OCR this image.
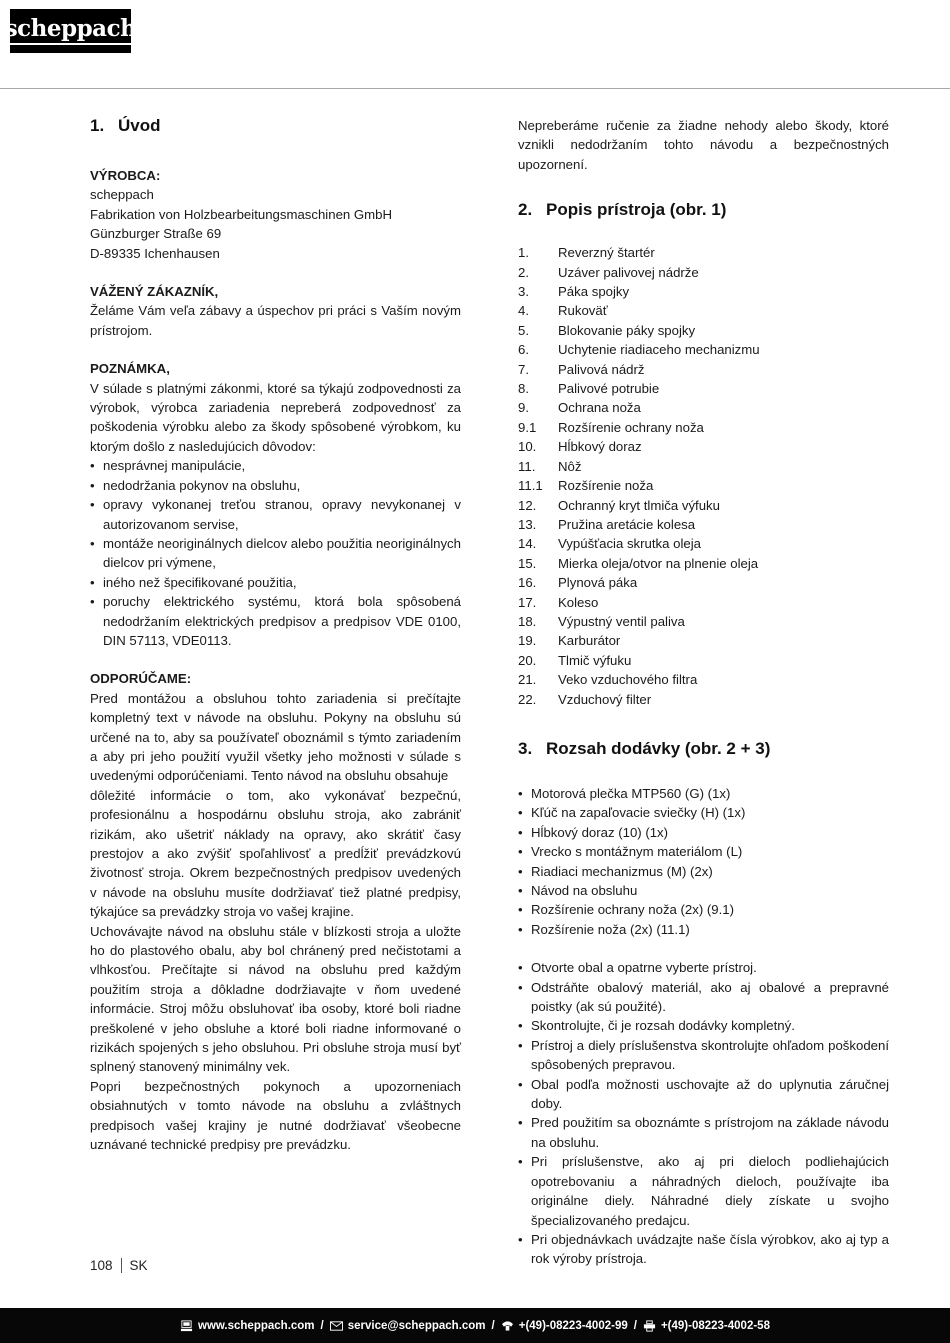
scheppach
1. Úvod

VÝROBCA:

scheppach

Fabrikation von Holzbearbeitungsmaschinen GmbH

Günzburger Straße 69

D-89335 Ichenhausen

VÁŽENÝ ZÁKAZNÍK,

Želáme Vám veľa zábavy a úspechov pri práci s Vaším novým prístrojom.

POZNÁMKA,

V súlade s platnými zákonmi, ktoré sa týkajú zodpovednosti za výrobok, výrobca zariadenia nepreberá zodpovednosť za poškodenia výrobku alebo za škody spôsobené výrobkom, ku ktorým došlo z nasledujúcich dôvodov:

•
nesprávnej manipulácie,
•
nedodržania pokynov na obsluhu,
•
opravy vykonanej treťou stranou, opravy nevykonanej v autorizovanom servise,
•
montáže neoriginálnych dielcov alebo použitia neoriginálnych dielcov pri výmene,
•
iného než špecifikované použitia,
•
poruchy elektrického systému, ktorá bola spôsobená nedodržaním elektrických predpisov a predpisov VDE 0100, DIN 57113, VDE0113.

ODPORÚČAME:

Pred montážou a obsluhou tohto zariadenia si prečítajte kompletný text v návode na obsluhu. Pokyny na obsluhu sú určené na to, aby sa používateľ oboznámil s týmto zariadením a aby pri jeho použití využil všetky jeho možnosti v súlade s uvedenými odporúčeniami. Tento návod na obsluhu obsahuje

dôležité informácie o tom, ako vykonávať bezpečnú, profesionálnu a hospodárnu obsluhu stroja, ako zabrániť rizikám, ako ušetriť náklady na opravy, ako skrátiť časy prestojov a ako zvýšiť spoľahlivosť a predĺžiť prevádzkovú životnosť stroja. Okrem bezpečnostných predpisov uvedených v návode na obsluhu musíte dodržiavať tiež platné predpisy, týkajúce sa prevádzky stroja vo vašej krajine.

Uchovávajte návod na obsluhu stále v blízkosti stroja a uložte ho do plastového obalu, aby bol chránený pred nečistotami a vlhkosťou. Prečítajte si návod na obsluhu pred každým použitím stroja a dôkladne dodržiavajte v ňom uvedené informácie. Stroj môžu obsluhovať iba osoby, ktoré boli riadne preškolené v jeho obsluhe a ktoré boli riadne informované o rizikách spojených s jeho obsluhou. Pri obsluhe stroja musí byť splnený stanovený minimálny vek.

Popri bezpečnostných pokynoch a upozorneniach obsiahnutých v tomto návode na obsluhu a zvláštnych predpisoch vašej krajiny je nutné dodržiavať všeobecne uznávané technické predpisy pre prevádzku.

Nepreberáme ručenie za žiadne nehody alebo škody, ktoré vznikli nedodržaním tohto návodu a bezpečnostných upozornení.

2. Popis prístroja (obr. 1)
1.	Reverzný štartér
2.	Uzáver palivovej nádrže
3.	Páka spojky
4.	Rukoväť
5.	Blokovanie páky spojky
6.	Uchytenie riadiaceho mechanizmu
7.	Palivová nádrž
8.	Palivové potrubie
9.	Ochrana noža
9.1	Rozšírenie ochrany noža
10.	Hĺbkový doraz
11.	Nôž
11.1	Rozšírenie noža
12.	Ochranný kryt tlmiča výfuku
13.	Pružina aretácie kolesa
14.	Vypúšťacia skrutka oleja
15.	Mierka oleja/otvor na plnenie oleja
16.	Plynová páka
17.	Koleso
18.	Výpustný ventil paliva
19.	Karburátor
20.	Tlmič výfuku
21.	Veko vzduchového filtra
22.	Vzduchový filter
3. Rozsah dodávky (obr. 2 + 3)
•
Motorová plečka MTP560 (G) (1x)
•
Kľúč na zapaľovacie sviečky (H) (1x)
•
Hĺbkový doraz (10) (1x)
•
Vrecko s montážnym materiálom (L)
•
Riadiaci mechanizmus (M) (2x)
•
Návod na obsluhu
•
Rozšírenie ochrany noža (2x) (9.1)
•
Rozšírenie noža (2x) (11.1)
•
Otvorte obal a opatrne vyberte prístroj.
•
Odstráňte obalový materiál, ako aj obalové a prepravné poistky (ak sú použité).
•
Skontrolujte, či je rozsah dodávky kompletný.
•
Prístroj a diely príslušenstva skontrolujte ohľadom poškodení spôsobených prepravou.
•
Obal podľa možnosti uschovajte až do uplynutia záručnej doby.
•
Pred použitím sa oboznámte s prístrojom na základe návodu na obsluhu.
•
Pri príslušenstve, ako aj pri dieloch podliehajúcich opotrebovaniu a náhradných dieloch, používajte iba originálne diely. Náhradné diely získate u svojho špecializovaného predajcu.
•
Pri objednávkach uvádzajte naše čísla výrobkov, ako aj typ a rok výroby prístroja.
108 SK
www.scheppach.com / service@scheppach.com / +(49)-08223-4002-99 / +(49)-08223-4002-58
